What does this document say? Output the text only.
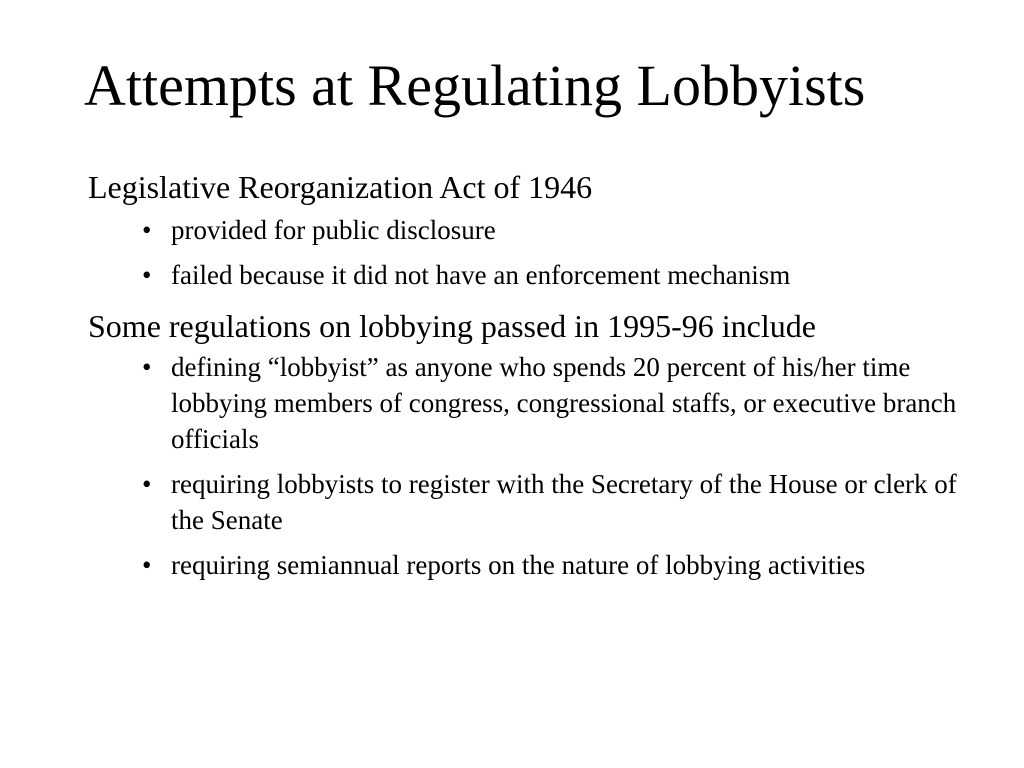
Attempts at Regulating Lobbyists

Legislative Reorganization Act of 1946

• provided for public disclosure
• failed because it did not have an enforcement mechanism

Some regulations on lobbying passed in 1995-96 include

• defining “lobbyist” as anyone who spends 20 percent of his/her time lobbying members of congress, congressional staffs, or executive branch officials
• requiring lobbyists to register with the Secretary of the House or clerk of the Senate
• requiring semiannual reports on the nature of lobbying activities
